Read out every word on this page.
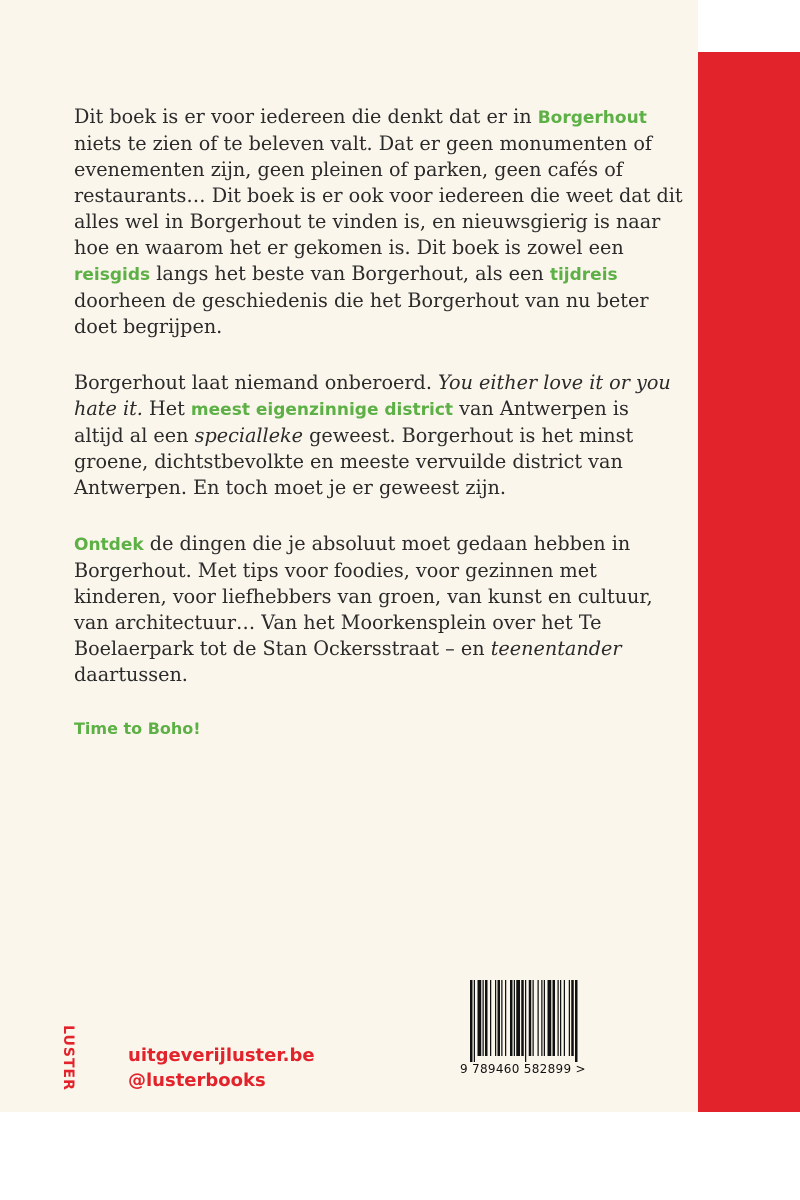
Dit boek is er voor iedereen die denkt dat er in Borgerhout niets te zien of te beleven valt. Dat er geen monumenten of evenementen zijn, geen pleinen of parken, geen cafés of restaurants… Dit boek is er ook voor iedereen die weet dat dit alles wel in Borgerhout te vinden is, en nieuwsgierig is naar hoe en waarom het er gekomen is. Dit boek is zowel een reisgids langs het beste van Borgerhout, als een tijdreis doorheen de geschiedenis die het Borgerhout van nu beter doet begrijpen.

Borgerhout laat niemand onberoerd. You either love it or you hate it. Het meest eigenzinnige district van Antwerpen is altijd al een specialleke geweest. Borgerhout is het minst groene, dichtstbevolkte en meeste vervuilde district van Antwerpen. En toch moet je er geweest zijn.

Ontdek de dingen die je absoluut moet gedaan hebben in Borgerhout. Met tips voor foodies, voor gezinnen met kinderen, voor liefhebbers van groen, van kunst en cultuur, van architectuur… Van het Moorkensplein over het Te Boelaerpark tot de Stan Ockersstraat – en teenentander daartussen.

Time to Boho!
LUSTER	uitgeverijluster.be
@lusterbooks
9 789460 582899 >
